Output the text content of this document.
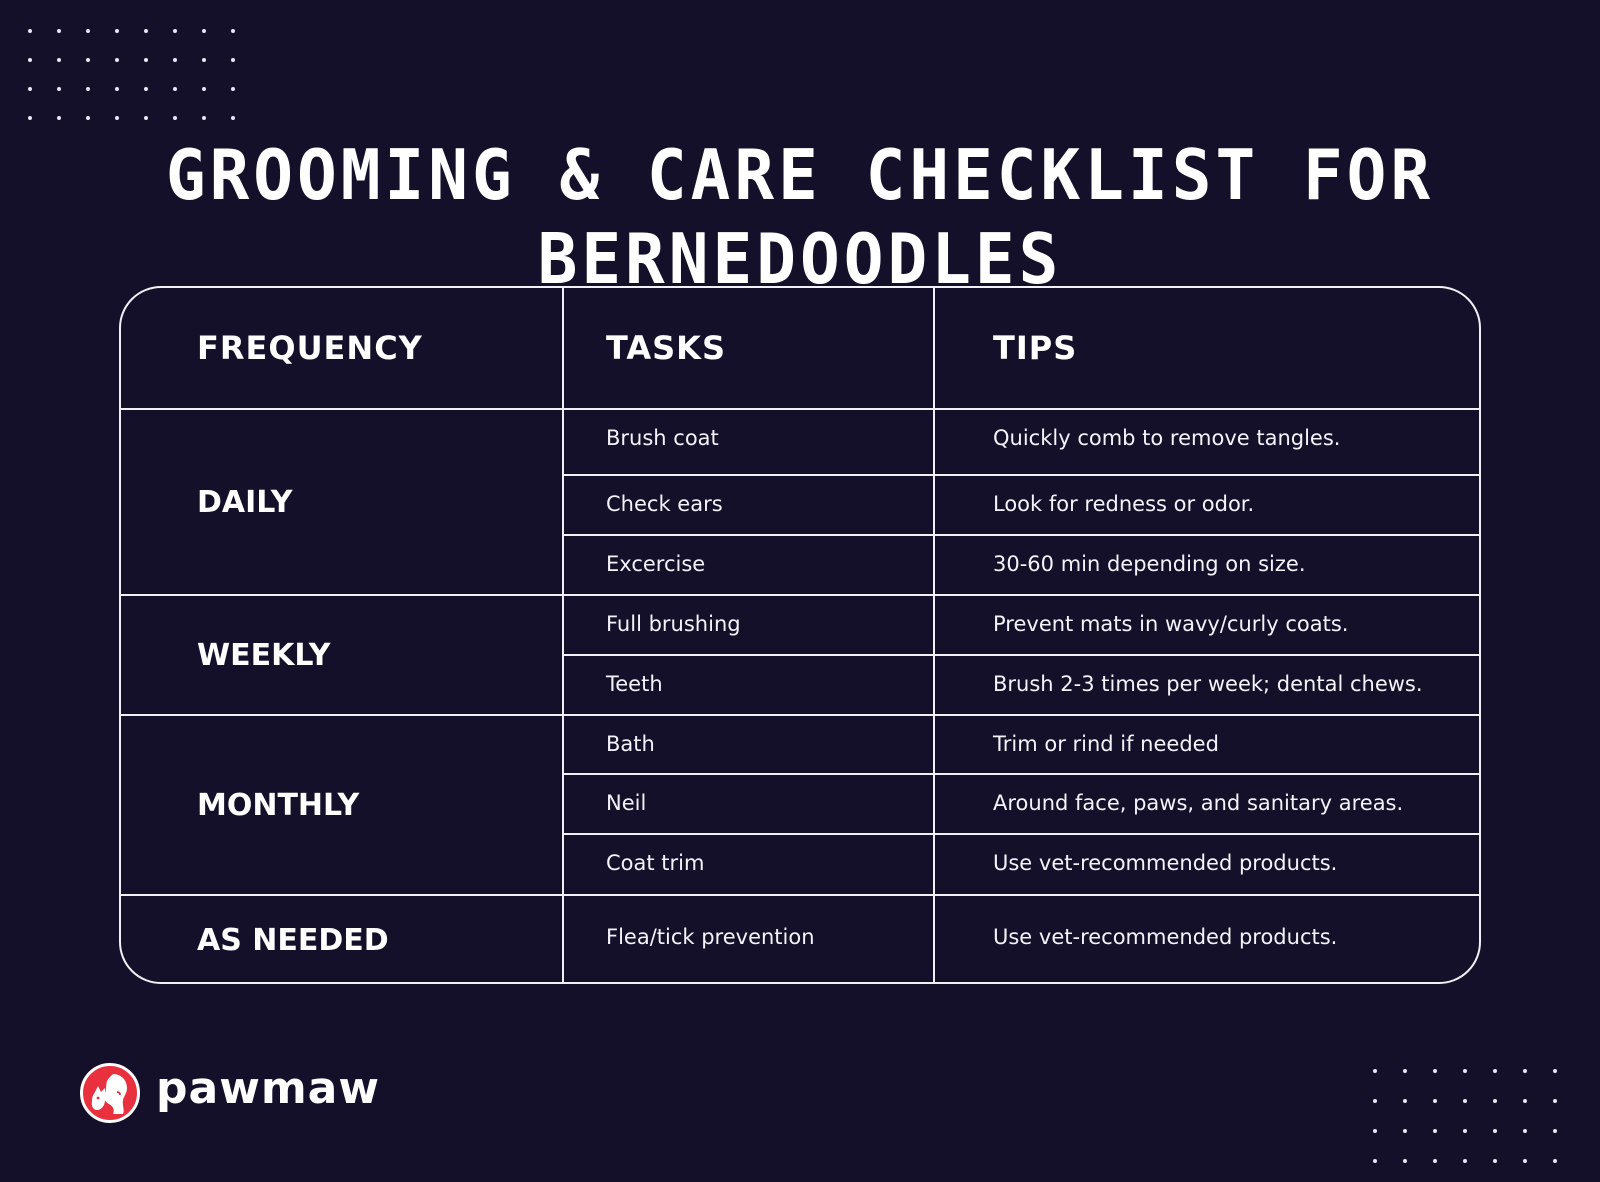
GROOMING & CARE CHECKLIST FOR BERNEDOODLES
FREQUENCY	TASKS	TIPS
DAILY	Brush coat	Quickly comb to remove tangles.
	Check ears	Look for redness or odor.
	Excercise	30-60 min depending on size.
WEEKLY	Full brushing	Prevent mats in wavy/curly coats.
	Teeth	Brush 2-3 times per week; dental chews.
MONTHLY	Bath	Trim or rind if needed
	Neil	Around face, paws, and sanitary areas.
	Coat trim	Use vet-recommended products.
AS NEEDED	Flea/tick prevention	Use vet-recommended products.
pawmaw
